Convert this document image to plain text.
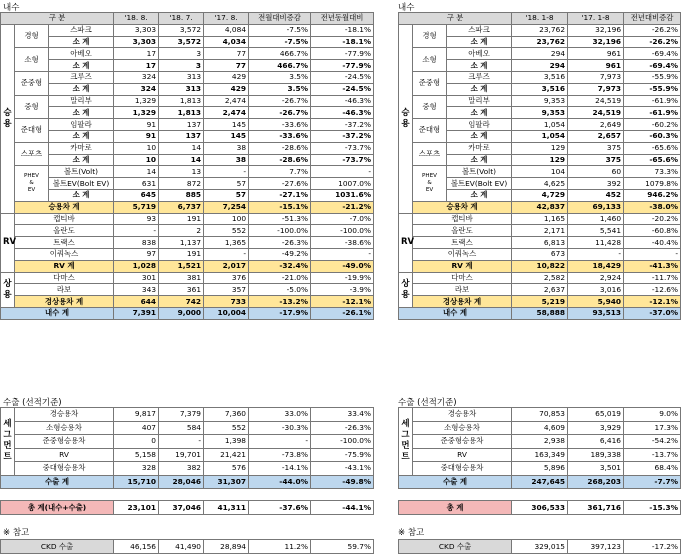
내수	내수
구 분			'18. 8.	'18. 7.	'17. 8.	전월대비증감	전년동월대비
승
용	경형	스파크	3,303	3,572	4,084	-7.5%	-18.1%
		소 계	3,303	3,572	4,034	-7.5%	-18.1%
	소형	아베오	17	3	77	466.7%	-77.9%
		소 계	17	3	77	466.7%	-77.9%
	준중형	크루즈	324	313	429	3.5%	-24.5%
		소 계	324	313	429	3.5%	-24.5%
	중형	말리부	1,329	1,813	2,474	-26.7%	-46.3%
		소 계	1,329	1,813	2,474	-26.7%	-46.3%
	준대형	임팔라	91	137	145	-33.6%	-37.2%
		소 계	91	137	145	-33.6%	-37.2%
	스포츠	카마로	10	14	38	-28.6%	-73.7%
		소 계	10	14	38	-28.6%	-73.7%
	PHEV
&
EV	볼트(Volt)	14	13	-	7.7%	-
		볼트EV(Bolt EV)	631	872	57	-27.6%	1007.0%
		소 계	645	885	57	-27.1%	1031.6%
	승용차 계		5,719	6,737	7,254	-15.1%	-21.2%
RV	캡티바		93	191	100	-51.3%	-7.0%
	올란도		-	2	552	-100.0%	-100.0%
	트랙스		838	1,137	1,365	-26.3%	-38.6%
	이쿼녹스		97	191	-	-49.2%	-
	RV 계		1,028	1,521	2,017	-32.4%	-49.0%
상
용	다마스		301	381	376	-21.0%	-19.9%
	라보		343	361	357	-5.0%	-3.9%
	경상용차 계		644	742	733	-13.2%	-12.1%
내수 계			7,391	9,000	10,004	-17.9%	-26.1%
구 분			'18. 1-8	'17. 1-8	전년대비증감
승
용	경형	스파크	23,762	32,196	-26.2%
		소 계	23,762	32,196	-26.2%
	소형	아베오	294	961	-69.4%
		소 계	294	961	-69.4%
	준중형	크루즈	3,516	7,973	-55.9%
		소 계	3,516	7,973	-55.9%
	중형	말리부	9,353	24,519	-61.9%
		소 계	9,353	24,519	-61.9%
	준대형	임팔라	1,054	2,649	-60.2%
		소 계	1,054	2,657	-60.3%
	스포츠	카마로	129	375	-65.6%
		소 계	129	375	-65.6%
	PHEV
&
EV	볼트(Volt)	104	60	73.3%
		볼트EV(Bolt EV)	4,625	392	1079.8%
		소 계	4,729	452	946.2%
	승용차 계		42,837	69,133	-38.0%
RV	캡티바		1,165	1,460	-20.2%
	올란도		2,171	5,541	-60.8%
	트랙스		6,813	11,428	-40.4%
	이쿼녹스		673	-	-
	RV 계		10,822	18,429	-41.3%
상
용	다마스		2,582	2,924	-11.7%
	라보		2,637	3,016	-12.6%
	경상용차 계		5,219	5,940	-12.1%
내수 계			58,888	93,513	-37.0%
수출 (선적기준)	수출 (선적기준)
세
그
먼
트	경승용차	9,817	7,379	7,360	33.0%	33.4%
	소형승용차	407	584	552	-30.3%	-26.3%
	준중형승용차	0	-	1,398	-	-100.0%
	RV	5,158	19,701	21,421	-73.8%	-75.9%
	중대형승용차	328	382	576	-14.1%	-43.1%
수출 계		15,710	28,046	31,307	-44.0%	-49.8%
세
그
먼
트	경승용차	70,853	65,019	9.0%
	소형승용차	4,609	3,929	17.3%
	준중형승용차	2,938	6,416	-54.2%
	RV	163,349	189,338	-13.7%
	중대형승용차	5,896	3,501	68.4%
수출 계		247,645	268,203	-7.7%
총 계(내수+수출)	23,101	37,046	41,311	-37.6%	-44.1%	총 계	306,533	361,716	-15.3%
※ 참고	※ 참고
CKD 수출	46,156	41,490	28,894	11.2%	59.7%	CKD 수출	329,015	397,123	-17.2%
